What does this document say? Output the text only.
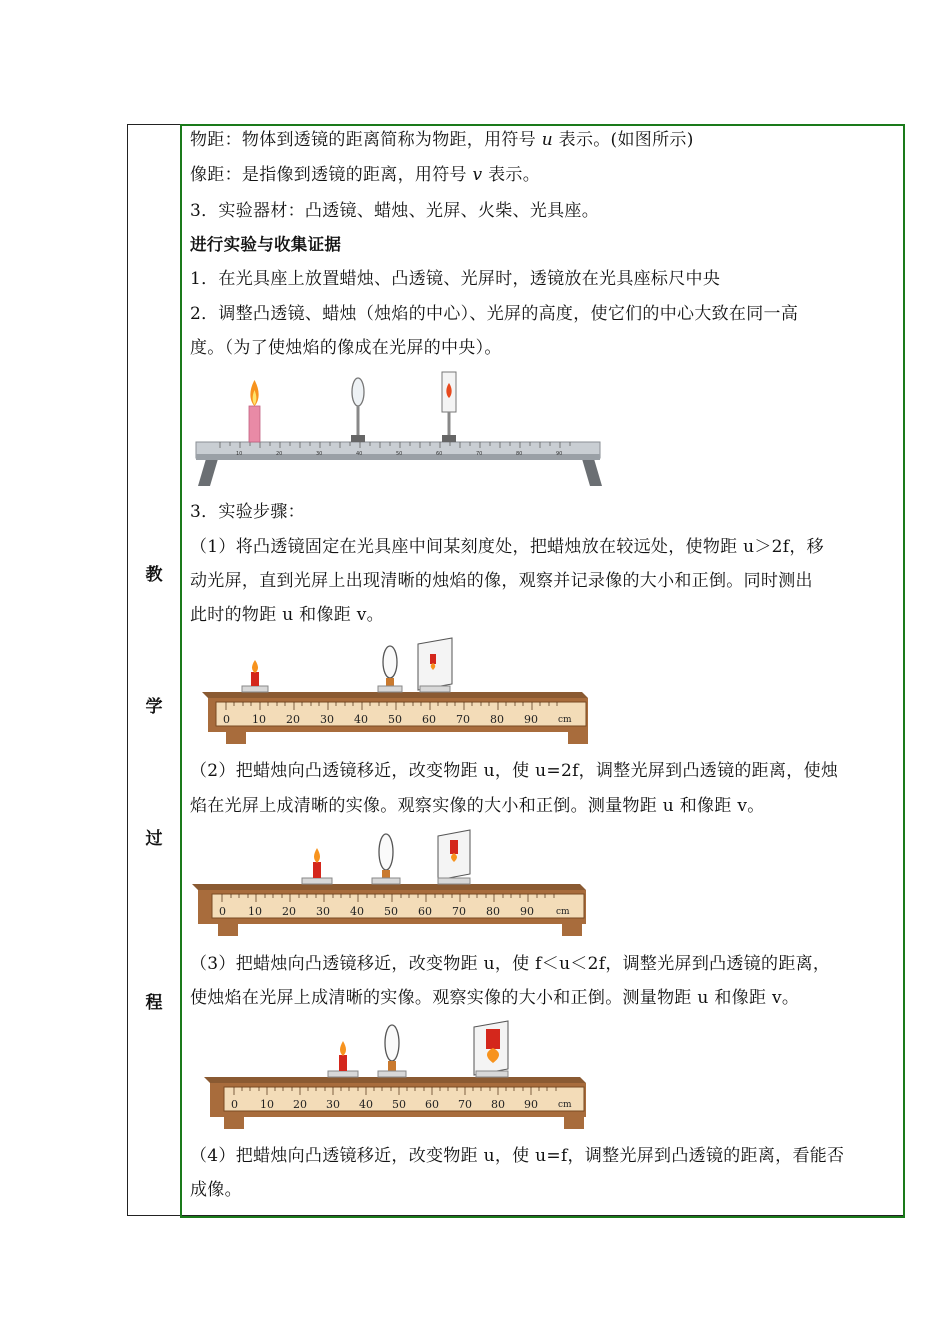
教
学
过
程
物距：物体到透镜的距离简称为物距，用符号 u 表示。(如图所示)
像距：是指像到透镜的距离，用符号 v 表示。
3．实验器材：凸透镜、蜡烛、光屏、火柴、光具座。
进行实验与收集证据
1．在光具座上放置蜡烛、凸透镜、光屏时，透镜放在光具座标尺中央
2．调整凸透镜、蜡烛（烛焰的中心）、光屏的高度，使它们的中心大致在同一高
度。（为了使烛焰的像成在光屏的中央）。
10	20	30	40	50	60	70	80	90
3．实验步骤：
（1）将凸透镜固定在光具座中间某刻度处，把蜡烛放在较远处，使物距 u＞2f，移
动光屏，直到光屏上出现清晰的烛焰的像，观察并记录像的大小和正倒。同时测出
此时的物距 u 和像距 v。
0 10 20 30 40 50 60 70 80 90 cm
（2）把蜡烛向凸透镜移近，改变物距 u，使 u=2f，调整光屏到凸透镜的距离，使烛
焰在光屏上成清晰的实像。观察实像的大小和正倒。测量物距 u 和像距 v。
0 10 20 30 40 50 60 70 80 90 cm
（3）把蜡烛向凸透镜移近，改变物距 u，使 f＜u＜2f，调整光屏到凸透镜的距离，
使烛焰在光屏上成清晰的实像。观察实像的大小和正倒。测量物距 u 和像距 v。
0 10 20 30 40 50 60 70 80 90 cm
（4）把蜡烛向凸透镜移近，改变物距 u，使 u=f，调整光屏到凸透镜的距离，看能否
成像。
